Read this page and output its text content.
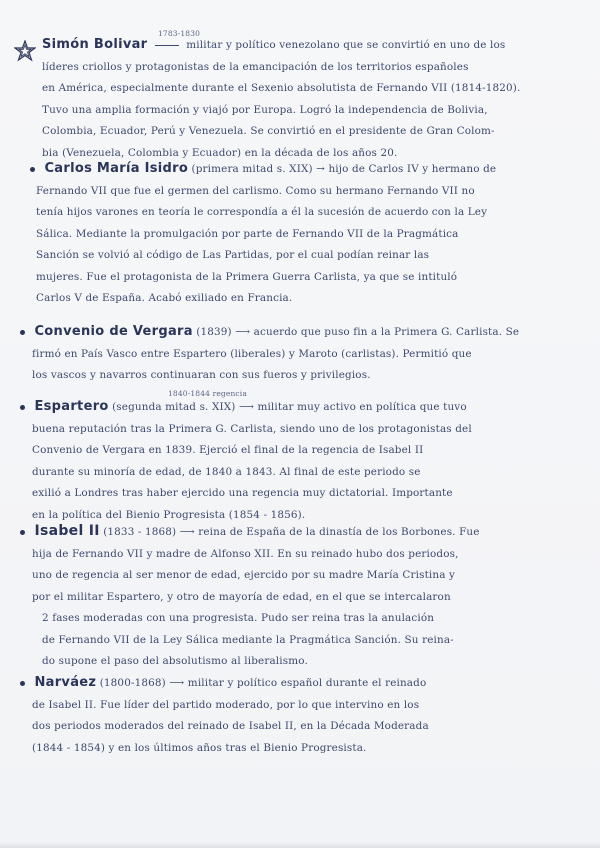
Simón Bolivar
1783-1830
militar y político venezolano que se convirtió en uno de los
líderes criollos y protagonistas de la emancipación de los territorios españoles
en América, especialmente durante el Sexenio absolutista de Fernando VII (1814-1820).
Tuvo una amplia formación y viajó por Europa. Logró la independencia de Bolivia,
Colombia, Ecuador, Perú y Venezuela. Se convirtió en el presidente de Gran Colom-
bia (Venezuela, Colombia y Ecuador) en la década de los años 20.
Carlos María Isidro (primera mitad s. XIX) → hijo de Carlos IV y hermano de
Fernando VII que fue el germen del carlismo. Como su hermano Fernando VII no
tenía hijos varones en teoría le correspondía a él la sucesión de acuerdo con la Ley
Sálica. Mediante la promulgación por parte de Fernando VII de la Pragmática
Sanción se volvió al código de Las Partidas, por el cual podían reinar las
mujeres. Fue el protagonista de la Primera Guerra Carlista, ya que se intituló
Carlos V de España. Acabó exiliado en Francia.
Convenio de Vergara (1839) ⟶ acuerdo que puso fin a la Primera G. Carlista. Se
firmó en País Vasco entre Espartero (liberales) y Maroto (carlistas). Permitió que
los vascos y navarros continuaran con sus fueros y privilegios.
Espartero
1840-1844 regencia
(segunda mitad s. XIX) ⟶ militar muy activo en política que tuvo
buena reputación tras la Primera G. Carlista, siendo uno de los protagonistas del
Convenio de Vergara en 1839. Ejerció el final de la regencia de Isabel II
durante su minoría de edad, de 1840 a 1843. Al final de este periodo se
exilió a Londres tras haber ejercido una regencia muy dictatorial. Importante
en la política del Bienio Progresista (1854 - 1856).
Isabel II (1833 - 1868) ⟶ reina de España de la dinastía de los Borbones. Fue
hija de Fernando VII y madre de Alfonso XII. En su reinado hubo dos periodos,
uno de regencia al ser menor de edad, ejercido por su madre María Cristina y
por el militar Espartero, y otro de mayoría de edad, en el que se intercalaron
2 fases moderadas con una progresista. Pudo ser reina tras la anulación
de Fernando VII de la Ley Sálica mediante la Pragmática Sanción. Su reina-
do supone el paso del absolutismo al liberalismo.
Narváez (1800-1868) ⟶ militar y político español durante el reinado
de Isabel II. Fue líder del partido moderado, por lo que intervino en los
dos periodos moderados del reinado de Isabel II, en la Década Moderada
(1844 - 1854) y en los últimos años tras el Bienio Progresista.
